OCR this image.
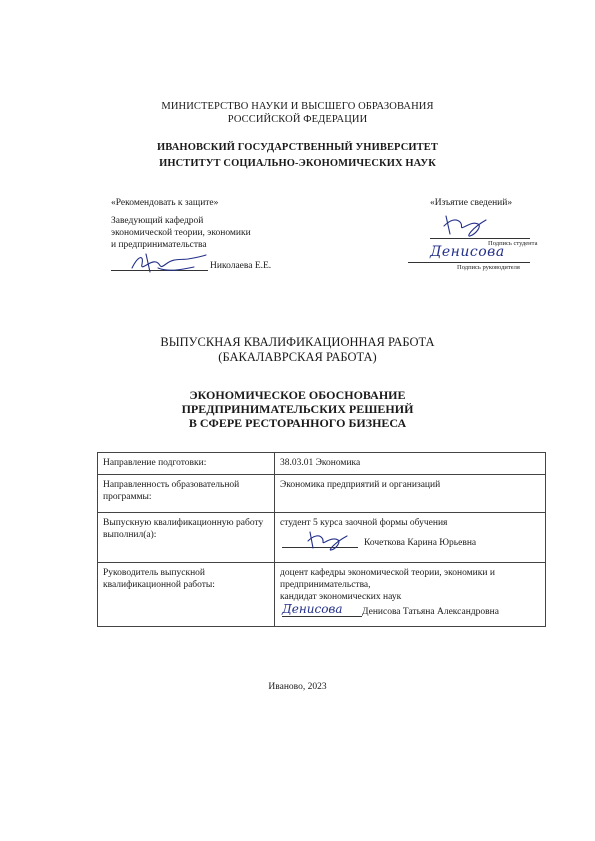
МИНИСТЕРСТВО НАУКИ И ВЫСШЕГО ОБРАЗОВАНИЯ
РОССИЙСКОЙ ФЕДЕРАЦИИ
ИВАНОВСКИЙ ГОСУДАРСТВЕННЫЙ УНИВЕРСИТЕТ
ИНСТИТУТ СОЦИАЛЬНО-ЭКОНОМИЧЕСКИХ НАУК
«Рекомендовать к защите»
Заведующий кафедрой
экономической теории, экономики
и предпринимательства
Николаева Е.Е.
«Изъятие сведений»
Подпись студента
Денисова
Подпись руководителя
ВЫПУСКНАЯ КВАЛИФИКАЦИОННАЯ РАБОТА
(БАКАЛАВРСКАЯ РАБОТА)
ЭКОНОМИЧЕСКОЕ ОБОСНОВАНИЕ
ПРЕДПРИНИМАТЕЛЬСКИХ РЕШЕНИЙ
В СФЕРЕ РЕСТОРАННОГО БИЗНЕСА
Направление подготовки:	38.03.01 Экономика
Направленность образовательной программы:	Экономика предприятий и организаций
Выпускную квалификационную работу выполнил(а):	студент 5 курса заочной формы обучения
Кочеткова Карина Юрьевна

Руководитель выпускной квалификационной работы:	доцент кафедры экономической теории, экономики и
предпринимательства,
кандидат экономических наук
Денисова Денисова Татьяна Александровна
Иваново, 2023
